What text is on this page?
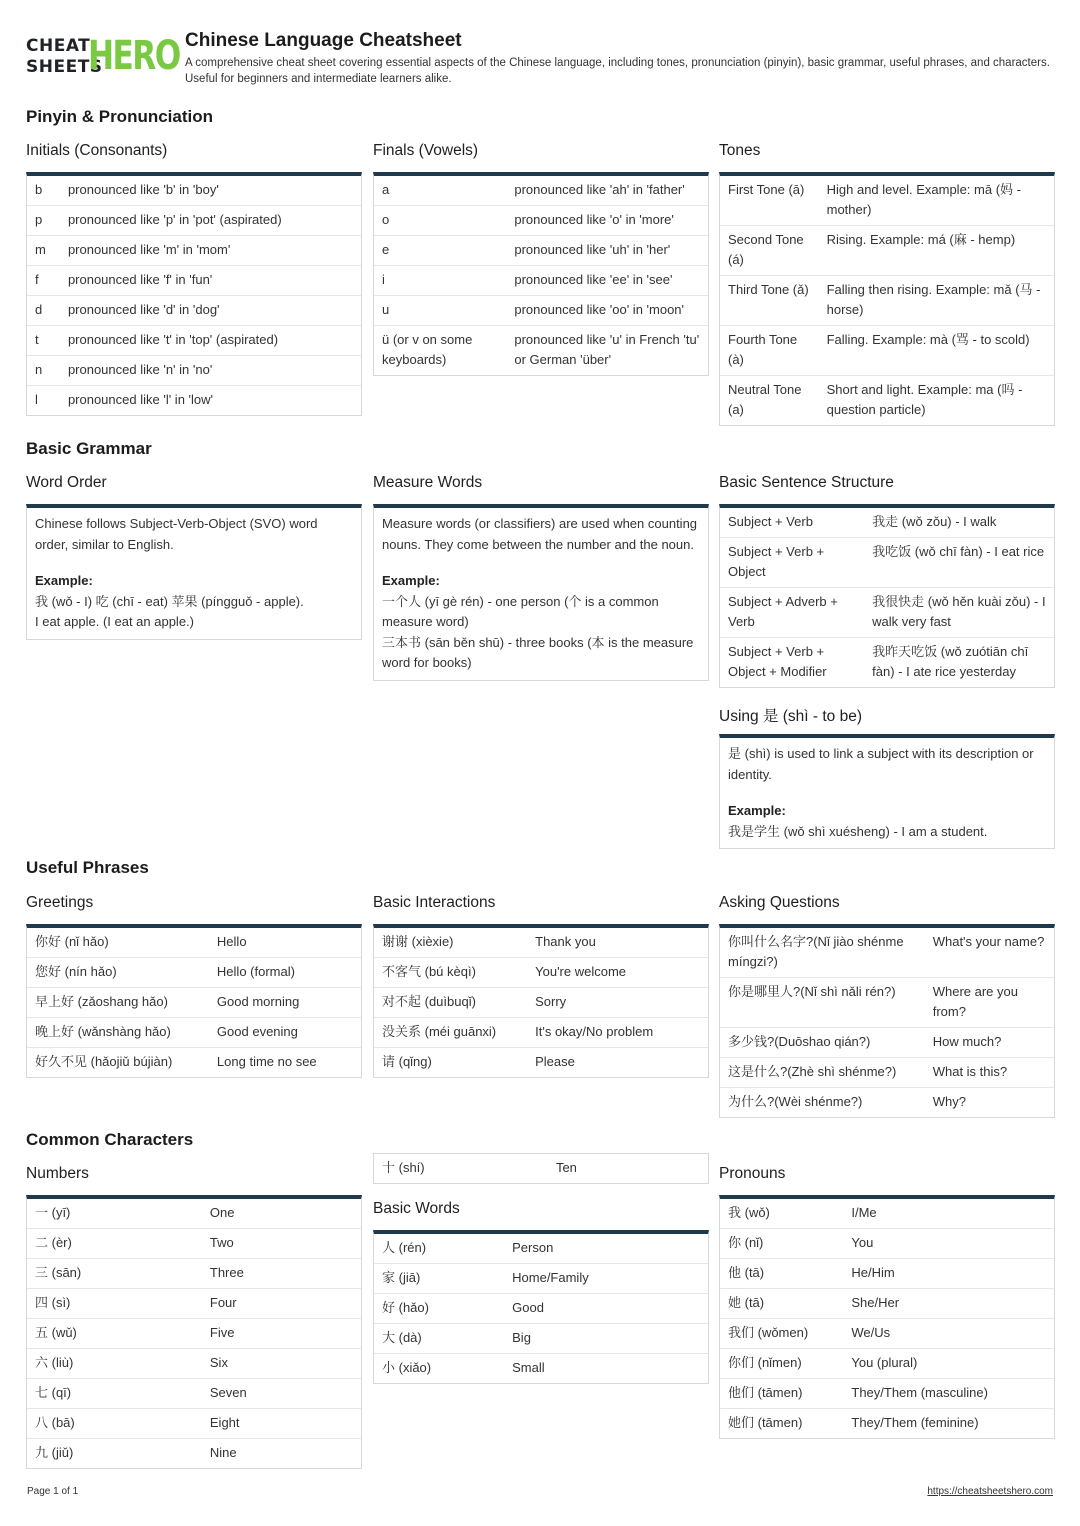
CHEAT
SHEETS
HERO Chinese Language Cheatsheet
A comprehensive cheat sheet covering essential aspects of the Chinese language, including tones, pronunciation (pinyin), basic grammar, useful phrases, and characters. Useful for beginners and intermediate learners alike.
Pinyin & Pronunciation
Initials (Consonants)
b	pronounced like 'b' in 'boy'
p	pronounced like 'p' in 'pot' (aspirated)
m	pronounced like 'm' in 'mom'
f	pronounced like 'f' in 'fun'
d	pronounced like 'd' in 'dog'
t	pronounced like 't' in 'top' (aspirated)
n	pronounced like 'n' in 'no'
l	pronounced like 'l' in 'low'
Finals (Vowels)
a	pronounced like 'ah' in 'father'
o	pronounced like 'o' in 'more'
e	pronounced like 'uh' in 'her'
i	pronounced like 'ee' in 'see'
u	pronounced like 'oo' in 'moon'
ü (or v on some keyboards)	pronounced like 'u' in French 'tu' or German 'über'
Tones
First Tone (ā)	High and level. Example: mā (妈 - mother)
Second Tone (á)	Rising. Example: má (麻 - hemp)
Third Tone (ǎ)	Falling then rising. Example: mǎ (马 - horse)
Fourth Tone (à)	Falling. Example: mà (骂 - to scold)
Neutral Tone (a)	Short and light. Example: ma (吗 - question particle)
Basic Grammar
Word Order
Chinese follows Subject-Verb-Object (SVO) word order, similar to English.
Example:
我 (wǒ - I) 吃 (chī - eat) 苹果 (píngguǒ - apple).
I eat apple. (I eat an apple.)
Measure Words
Measure words (or classifiers) are used when counting nouns. They come between the number and the noun.
Example:
一个人 (yī gè rén) - one person (个 is a common measure word)
三本书 (sān běn shū) - three books (本 is the measure word for books)
Basic Sentence Structure
Subject + Verb	我走 (wǒ zǒu) - I walk
Subject + Verb + Object	我吃饭 (wǒ chī fàn) - I eat rice
Subject + Adverb + Verb	我很快走 (wǒ hěn kuài zǒu) - I walk very fast
Subject + Verb + Object + Modifier	我昨天吃饭 (wǒ zuótiān chī fàn) - I ate rice yesterday
Using 是 (shì - to be)
是 (shì) is used to link a subject with its description or identity.
Example:
我是学生 (wǒ shì xuésheng) - I am a student.
Useful Phrases
Greetings
你好 (nǐ hǎo)	Hello
您好 (nín hǎo)	Hello (formal)
早上好 (zǎoshang hǎo)	Good morning
晚上好 (wǎnshàng hǎo)	Good evening
好久不见 (hǎojiǔ bújiàn)	Long time no see
Basic Interactions
谢谢 (xièxie)	Thank you
不客气 (bú kèqì)	You're welcome
对不起 (duìbuqǐ)	Sorry
没关系 (méi guānxi)	It's okay/No problem
请 (qǐng)	Please
Asking Questions
你叫什么名字?(Nǐ jiào shénme míngzi?)	What's your name?
你是哪里人?(Nǐ shì nǎli rén?)	Where are you from?
多少钱?(Duōshao qián?)	How much?
这是什么?(Zhè shì shénme?)	What is this?
为什么?(Wèi shénme?)	Why?
Common Characters
Numbers
一 (yī)	One
二 (èr)	Two
三 (sān)	Three
四 (sì)	Four
五 (wǔ)	Five
六 (liù)	Six
七 (qī)	Seven
八 (bā)	Eight
九 (jiǔ)	Nine
十 (shí)	Ten
Basic Words
人 (rén)	Person
家 (jiā)	Home/Family
好 (hǎo)	Good
大 (dà)	Big
小 (xiǎo)	Small
Pronouns
我 (wǒ)	I/Me
你 (nǐ)	You
他 (tā)	He/Him
她 (tā)	She/Her
我们 (wǒmen)	We/Us
你们 (nǐmen)	You (plural)
他们 (tāmen)	They/Them (masculine)
她们 (tāmen)	They/Them (feminine)
Page 1 of 1	https://cheatsheetshero.com
